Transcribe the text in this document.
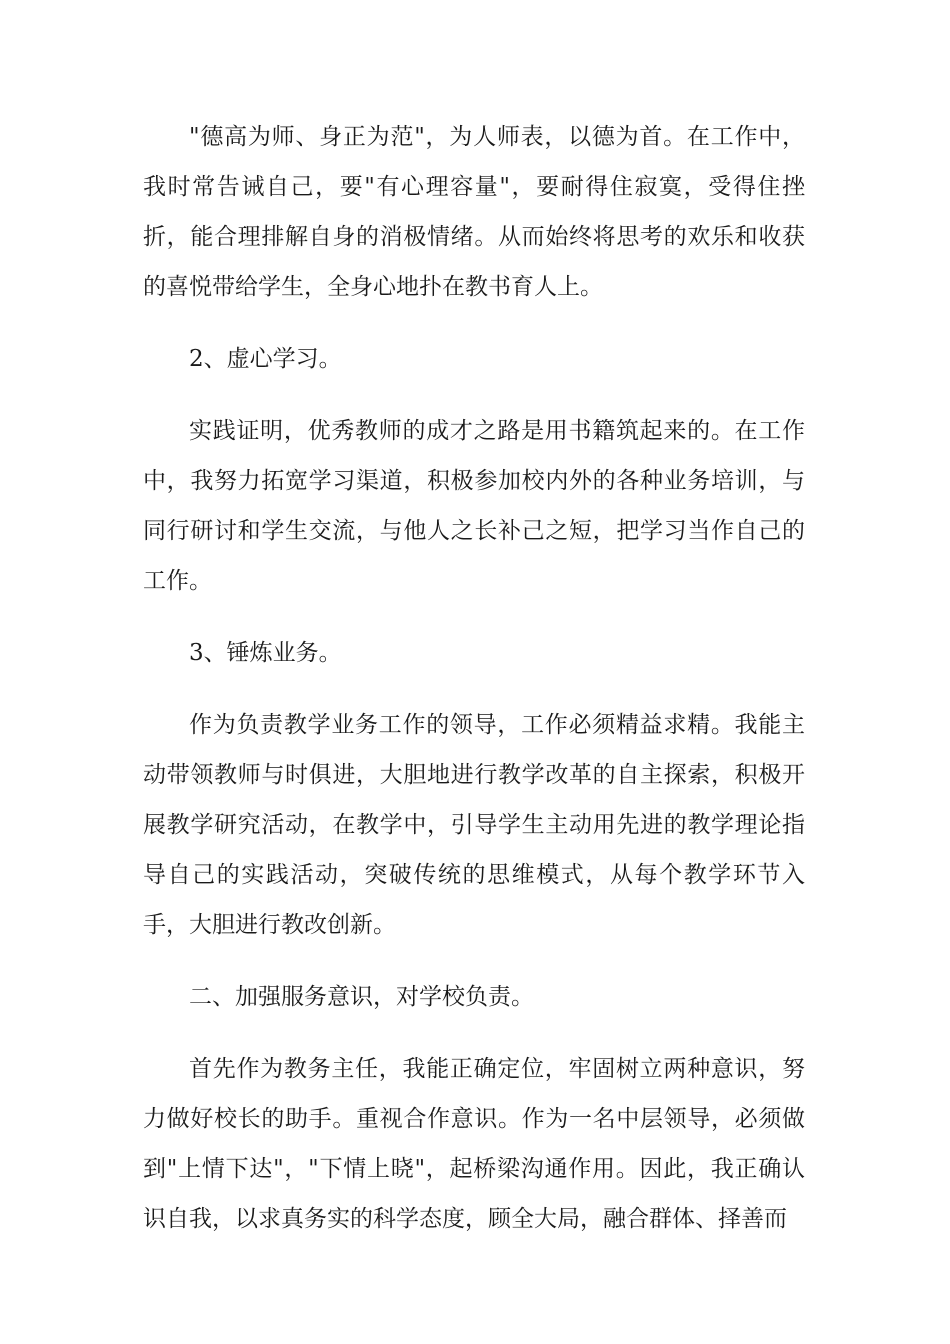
"德高为师、身正为范"，为人师表，以德为首。在工作中，我时常告诫自己，要"有心理容量"，要耐得住寂寞，受得住挫折，能合理排解自身的消极情绪。从而始终将思考的欢乐和收获的喜悦带给学生，全身心地扑在教书育人上。

2、虚心学习。

实践证明，优秀教师的成才之路是用书籍筑起来的。在工作中，我努力拓宽学习渠道，积极参加校内外的各种业务培训，与同行研讨和学生交流，与他人之长补己之短，把学习当作自己的工作。

3、锤炼业务。

作为负责教学业务工作的领导，工作必须精益求精。我能主动带领教师与时俱进，大胆地进行教学改革的自主探索，积极开展教学研究活动，在教学中，引导学生主动用先进的教学理论指导自己的实践活动，突破传统的思维模式，从每个教学环节入手，大胆进行教改创新。

二、加强服务意识，对学校负责。

首先作为教务主任，我能正确定位，牢固树立两种意识，努力做好校长的助手。重视合作意识。作为一名中层领导，必须做到"上情下达"，"下情上晓"，起桥梁沟通作用。因此，我正确认识自我，以求真务实的科学态度，顾全大局，融合群体、择善而
